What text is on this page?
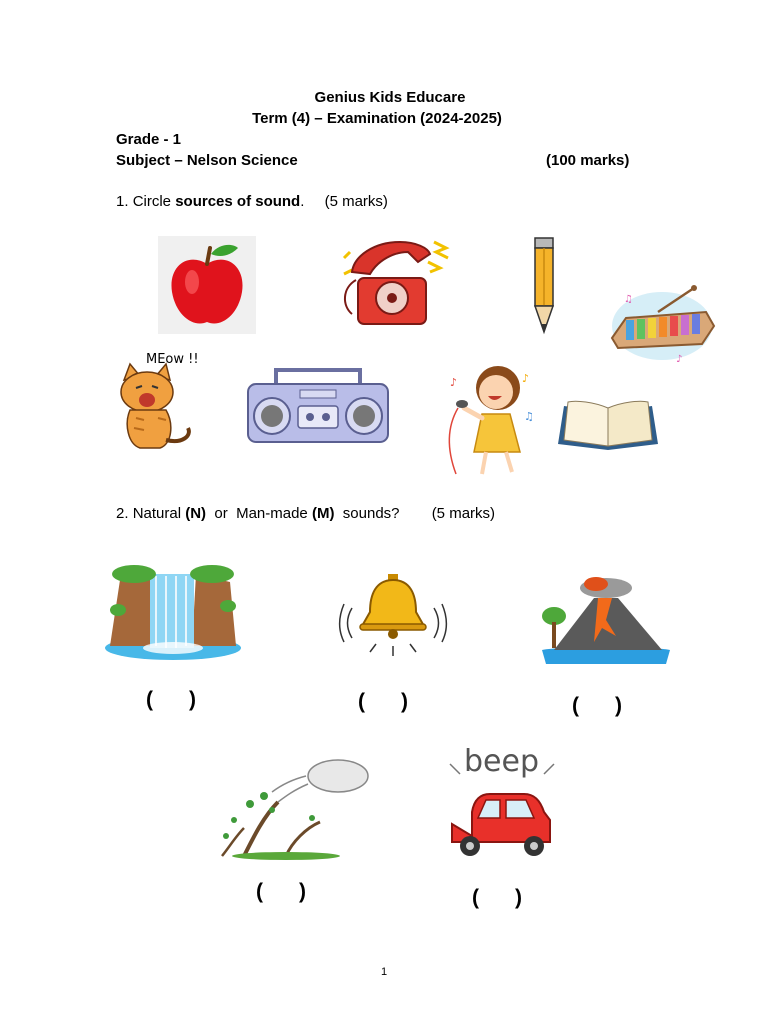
Genius Kids Educare
Term (4) – Examination (2024-2025)
Grade - 1
Subject – Nelson Science	(100 marks)
1. Circle sources of sound. (5 marks)
♫
♪
MEow !!
♪	♪
♫
2. Natural (N) or Man-made (M) sounds? (5 marks)
( )	( )	( )
( )
beep
( )
1
